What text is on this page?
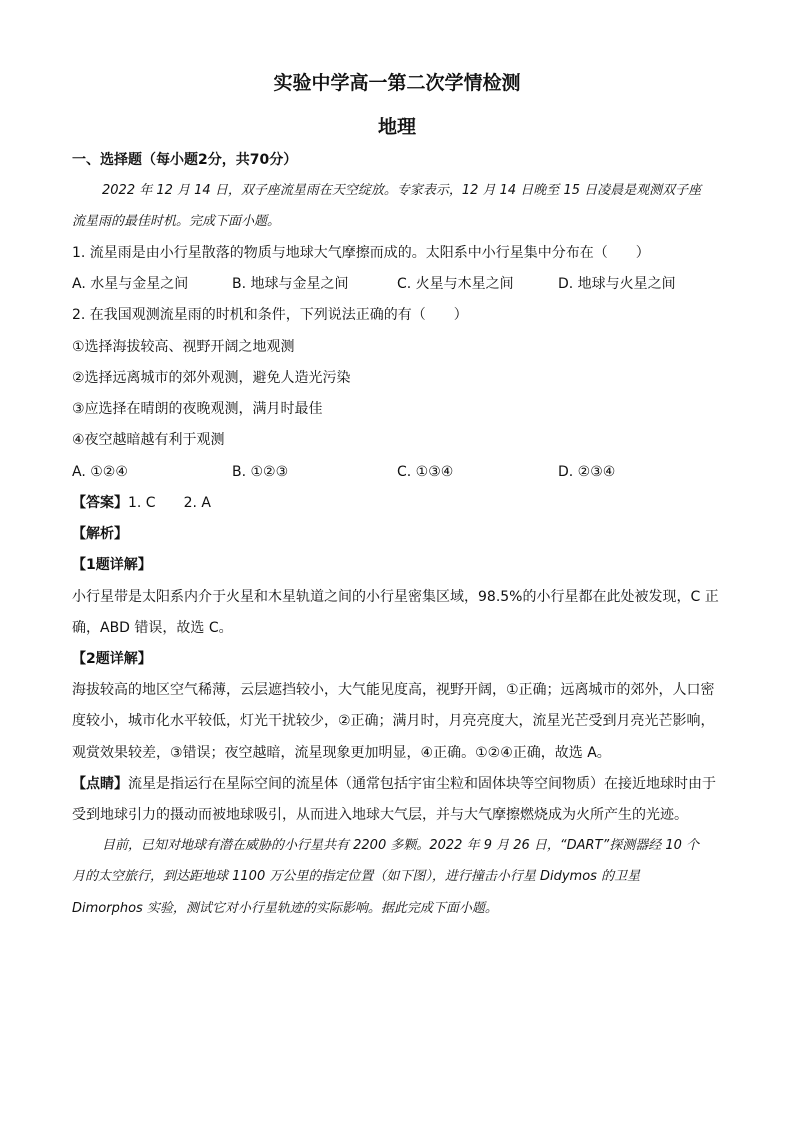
实验中学高一第二次学情检测
地理
一、选择题（每小题2分，共70分）
2022 年 12 月 14 日，双子座流星雨在天空绽放。专家表示，12 月 14 日晚至 15 日凌晨是观测双子座
流星雨的最佳时机。完成下面小题。
1. 流星雨是由小行星散落的物质与地球大气摩擦而成的。太阳系中小行星集中分布在（　　）
A. 水星与金星之间	B. 地球与金星之间	C. 火星与木星之间	D. 地球与火星之间
2. 在我国观测流星雨的时机和条件，下列说法正确的有（　　）
①选择海拔较高、视野开阔之地观测
②选择远离城市的郊外观测，避免人造光污染
③应选择在晴朗的夜晚观测，满月时最佳
④夜空越暗越有利于观测
A. ①②④	B. ①②③	C. ①③④	D. ②③④
【答案】1. C　　2. A
【解析】
【1题详解】
小行星带是太阳系内介于火星和木星轨道之间的小行星密集区域，98.5%的小行星都在此处被发现，C 正
确，ABD 错误，故选 C。
【2题详解】
海拔较高的地区空气稀薄，云层遮挡较小，大气能见度高，视野开阔，①正确；远离城市的郊外，人口密
度较小，城市化水平较低，灯光干扰较少，②正确；满月时，月亮亮度大，流星光芒受到月亮光芒影响，
观赏效果较差，③错误；夜空越暗，流星现象更加明显，④正确。①②④正确，故选 A。
【点睛】流星是指运行在星际空间的流星体（通常包括宇宙尘粒和固体块等空间物质）在接近地球时由于
受到地球引力的摄动而被地球吸引，从而进入地球大气层，并与大气摩擦燃烧成为火所产生的光迹。
目前，已知对地球有潜在威胁的小行星共有 2200 多颗。2022 年 9 月 26 日，“DART”探测器经 10 个
月的太空旅行，到达距地球 1100 万公里的指定位置（如下图），进行撞击小行星 Didymos 的卫星
Dimorphos 实验，测试它对小行星轨迹的实际影响。据此完成下面小题。
